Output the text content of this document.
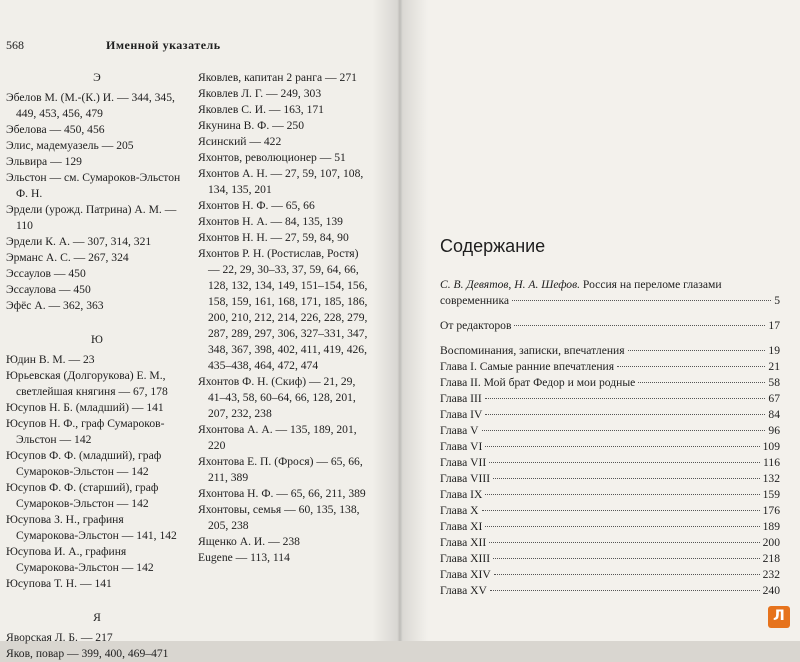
568	Именной указатель
Э
Эбелов М. (М.-(К.) И. — 344, 345, 449, 453, 456, 479
Эбелова — 450, 456
Элис, мадемуазель — 205
Эльвира — 129
Эльстон — см. Сумароков-Эльстон Ф. Н.
Эрдели (урожд. Патрина) А. М. — 110
Эрдели К. А. — 307, 314, 321
Эрманс А. С. — 267, 324
Эссаулов — 450
Эссаулова — 450
Эфёс А. — 362, 363
Ю
Юдин В. М. — 23
Юрьевская (Долгорукова) Е. М., светлейшая княгиня — 67, 178
Юсупов Н. Б. (младший) — 141
Юсупов Н. Ф., граф Сумароков-Эльстон — 142
Юсупов Ф. Ф. (младший), граф Сумароков-Эльстон — 142
Юсупов Ф. Ф. (старший), граф Сумароков-Эльстон — 142
Юсупова З. Н., графиня Сумарокова-Эльстон — 141, 142
Юсупова И. А., графиня Сумарокова-Эльстон — 142
Юсупова Т. Н. — 141
Я
Яворская Л. Б. — 217
Яков, повар — 399, 400, 469–471
Яковлев, капитан 2 ранга — 271
Яковлев Л. Г. — 249, 303
Яковлев С. И. — 163, 171
Якунина В. Ф. — 250
Ясинский — 422
Яхонтов, революционер — 51
Яхонтов А. Н. — 27, 59, 107, 108, 134, 135, 201
Яхонтов Н. Ф. — 65, 66
Яхонтов Н. А. — 84, 135, 139
Яхонтов Н. Н. — 27, 59, 84, 90
Яхонтов Р. Н. (Ростислав, Ростя) — 22, 29, 30–33, 37, 59, 64, 66, 128, 132, 134, 149, 151–154, 156, 158, 159, 161, 168, 171, 185, 186, 200, 210, 212, 214, 226, 228, 279, 287, 289, 297, 306, 327–331, 347, 348, 367, 398, 402, 411, 419, 426, 435–438, 464, 472, 474
Яхонтов Ф. Н. (Скиф) — 21, 29, 41–43, 58, 60–64, 66, 128, 201, 207, 232, 238
Яхонтова А. А. — 135, 189, 201, 220
Яхонтова Е. П. (Фрося) — 65, 66, 211, 389
Яхонтова Н. Ф. — 65, 66, 211, 389
Яхонтовы, семья — 60, 135, 138, 205, 238
Ященко А. И. — 238
Eugene — 113, 114
Содержание
С. В. Девятов, Н. А. Шефов. Россия на переломе глазами
современника	5
От редакторов	17
Воспоминания, записки, впечатления	19
Глава I. Самые ранние впечатления	21
Глава II. Мой брат Федор и мои родные	58
Глава III	67
Глава IV	84
Глава V	96
Глава VI	109
Глава VII	116
Глава VIII	132
Глава IX	159
Глава X	176
Глава XI	189
Глава XII	200
Глава XIII	218
Глава XIV	232
Глава XV	240
Л
